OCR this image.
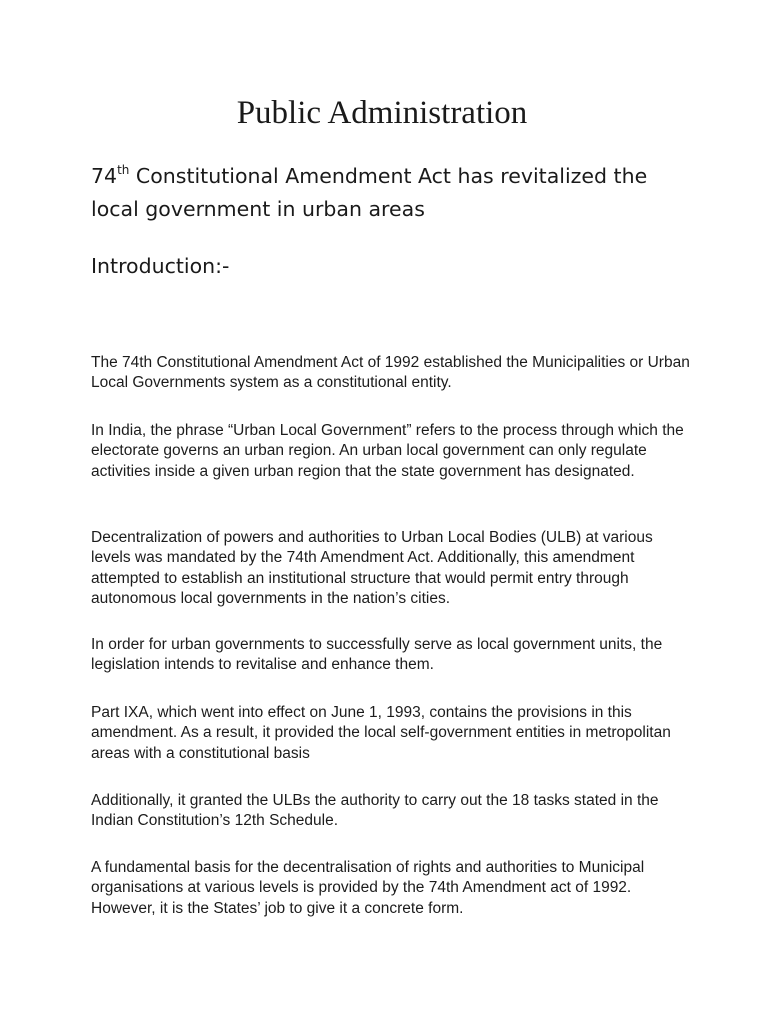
Public Administration
74th Constitutional Amendment Act has revitalized the local government in urban areas
Introduction:-

The 74th Constitutional Amendment Act of 1992 established the Municipalities or Urban Local Governments system as a constitutional entity.

In India, the phrase “Urban Local Government” refers to the process through which the electorate governs an urban region. An urban local government can only regulate activities inside a given urban region that the state government has designated.

Decentralization of powers and authorities to Urban Local Bodies (ULB) at various levels was mandated by the 74th Amendment Act. Additionally, this amendment attempted to establish an institutional structure that would permit entry through autonomous local governments in the nation’s cities.

In order for urban governments to successfully serve as local government units, the legislation intends to revitalise and enhance them.

Part IXA, which went into effect on June 1, 1993, contains the provisions in this amendment. As a result, it provided the local self-government entities in metropolitan areas with a constitutional basis

Additionally, it granted the ULBs the authority to carry out the 18 tasks stated in the Indian Constitution’s 12th Schedule.

A fundamental basis for the decentralisation of rights and authorities to Municipal organisations at various levels is provided by the 74th Amendment act of 1992. However, it is the States’ job to give it a concrete form.
